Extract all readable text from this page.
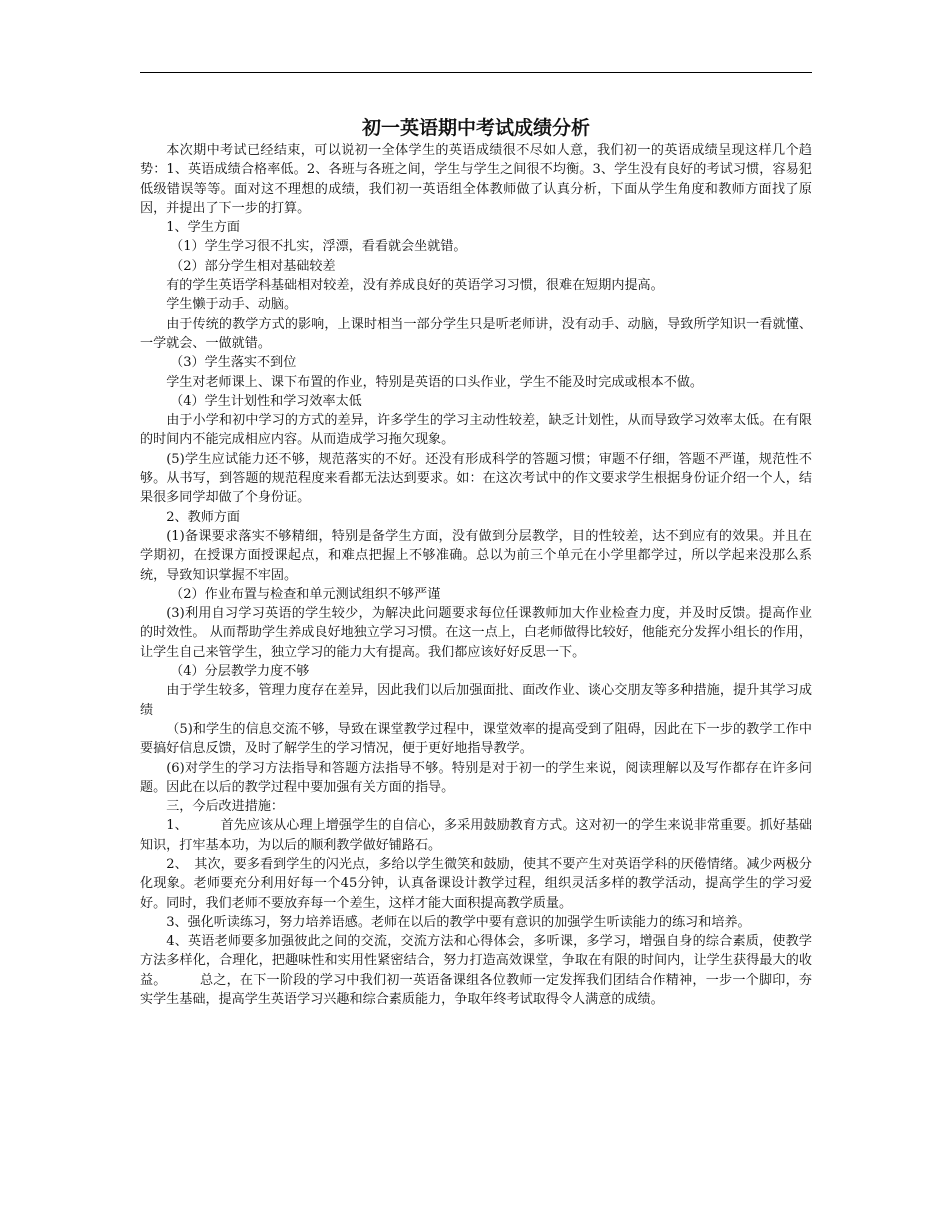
初一英语期中考试成绩分析

本次期中考试已经结束，可以说初一全体学生的英语成绩很不尽如人意，我们初一的英语成绩呈现这样几个趋势：1、英语成绩合格率低。2、各班与各班之间，学生与学生之间很不均衡。3、学生没有良好的考试习惯，容易犯低级错误等等。面对这不理想的成绩，我们初一英语组全体教师做了认真分析，下面从学生角度和教师方面找了原因，并提出了下一步的打算。

1、学生方面

（1）学生学习很不扎实，浮漂，看看就会坐就错。

（2）部分学生相对基础较差

有的学生英语学科基础相对较差，没有养成良好的英语学习习惯，很难在短期内提高。

学生懒于动手、动脑。

由于传统的教学方式的影响，上课时相当一部分学生只是听老师讲，没有动手、动脑，导致所学知识一看就懂、一学就会、一做就错。

（3）学生落实不到位

学生对老师课上、课下布置的作业，特别是英语的口头作业，学生不能及时完成或根本不做。

（4）学生计划性和学习效率太低

由于小学和初中学习的方式的差异，许多学生的学习主动性较差，缺乏计划性，从而导致学习效率太低。在有限的时间内不能完成相应内容。从而造成学习拖欠现象。

(5)学生应试能力还不够，规范落实的不好。还没有形成科学的答题习惯；审题不仔细，答题不严谨，规范性不够。从书写，到答题的规范程度来看都无法达到要求。如：在这次考试中的作文要求学生根据身份证介绍一个人，结果很多同学却做了个身份证。

2、教师方面

(1)备课要求落实不够精细，特别是备学生方面，没有做到分层教学，目的性较差，达不到应有的效果。并且在学期初，在授课方面授课起点，和难点把握上不够准确。总以为前三个单元在小学里都学过，所以学起来没那么系统，导致知识掌握不牢固。

（2）作业布置与检查和单元测试组织不够严谨

(3)利用自习学习英语的学生较少，为解决此问题要求每位任课教师加大作业检查力度，并及时反馈。提高作业的时效性。 从而帮助学生养成良好地独立学习习惯。在这一点上，白老师做得比较好，他能充分发挥小组长的作用，让学生自己来管学生，独立学习的能力大有提高。我们都应该好好反思一下。

（4）分层教学力度不够

由于学生较多，管理力度存在差异，因此我们以后加强面批、面改作业、谈心交朋友等多种措施，提升其学习成绩

（5)和学生的信息交流不够，导致在课堂教学过程中，课堂效率的提高受到了阻碍，因此在下一步的教学工作中要搞好信息反馈，及时了解学生的学习情况，便于更好地指导教学。

(6)对学生的学习方法指导和答题方法指导不够。特别是对于初一的学生来说，阅读理解以及写作都存在许多问题。因此在以后的教学过程中要加强有关方面的指导。

三，今后改进措施：

1、　　　首先应该从心理上增强学生的自信心，多采用鼓励教育方式。这对初一的学生来说非常重要。抓好基础知识，打牢基本功，为以后的顺利教学做好铺路石。

2、　其次，要多看到学生的闪光点，多给以学生微笑和鼓励，使其不要产生对英语学科的厌倦情绪。减少两极分化现象。老师要充分利用好每一个45分钟，认真备课设计教学过程，组织灵活多样的教学活动，提高学生的学习爱好。同时，我们老师不要放弃每一个差生，这样才能大面积提高教学质量。

3、强化听读练习，努力培养语感。老师在以后的教学中要有意识的加强学生听读能力的练习和培养。

4、英语老师要多加强彼此之间的交流，交流方法和心得体会，多听课，多学习，增强自身的综合素质，使教学方法多样化，合理化，把趣味性和实用性紧密结合，努力打造高效课堂，争取在有限的时间内，让学生获得最大的收益。　　　总之，在下一阶段的学习中我们初一英语备课组各位教师一定发挥我们团结合作精神，一步一个脚印，夯实学生基础，提高学生英语学习兴趣和综合素质能力，争取年终考试取得令人满意的成绩。
